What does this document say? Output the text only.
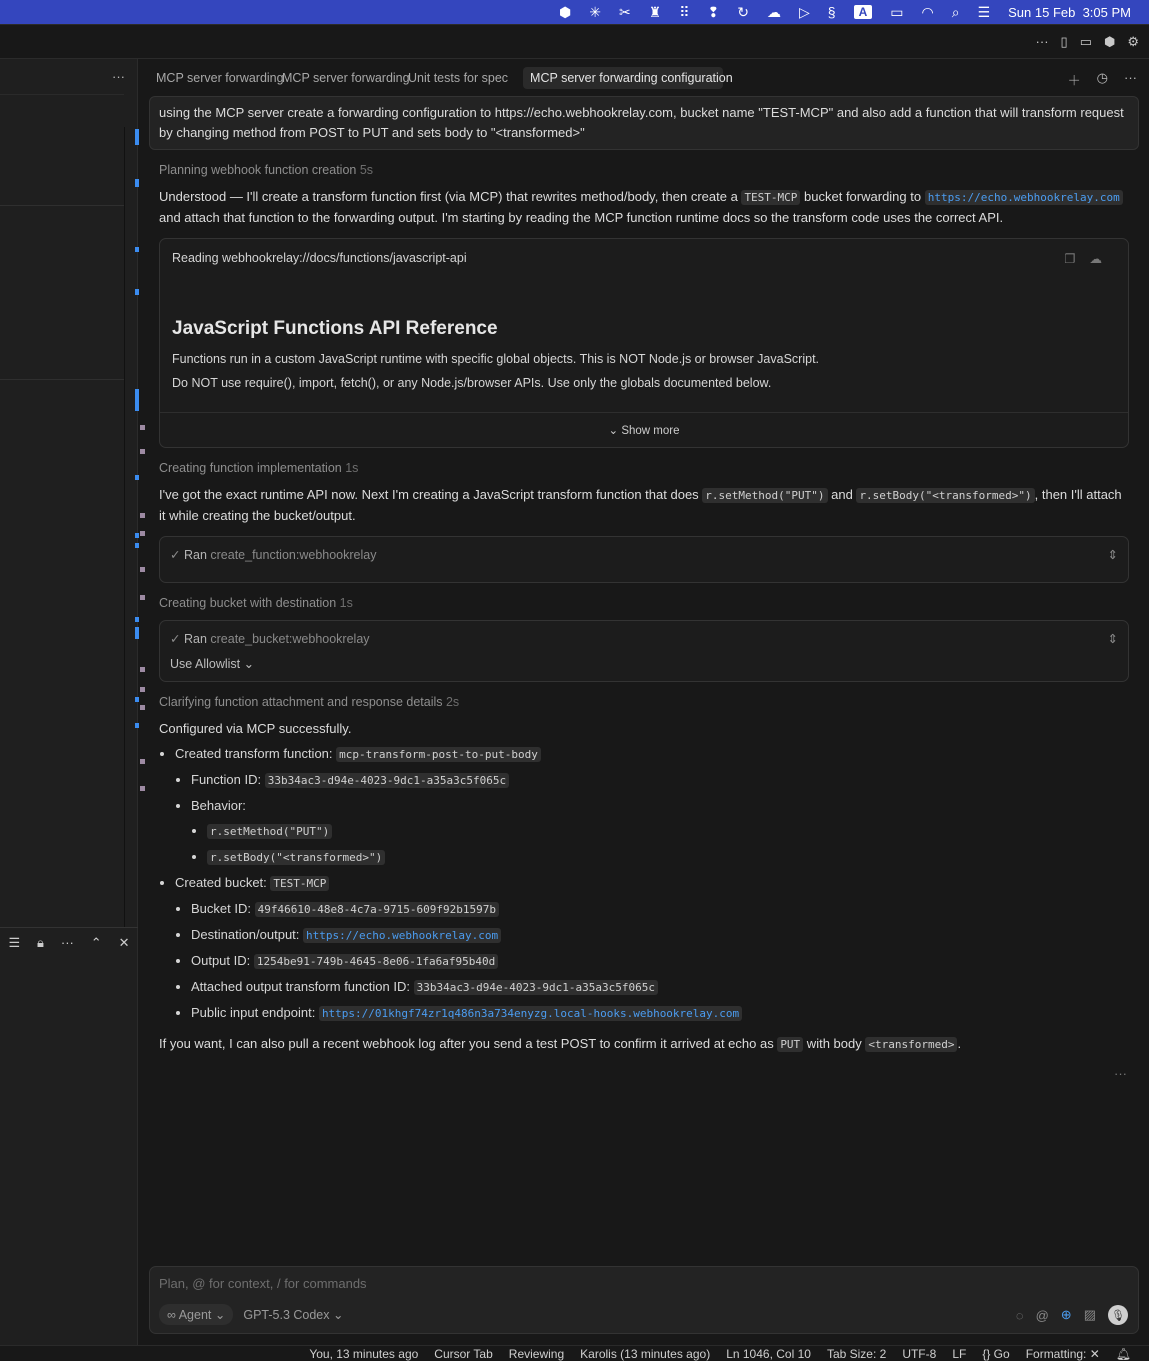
⬢ ✳ ✂ ♜ ⠿ ❢ ↻ ☁ ▷ §	A	▭ ◠ ⌕ ☰ Sun 15 Feb 3:05 PM
··· ▯ ▭ ⬢ ⚙
···
☰ 🔒︎ ··· ⌃ ✕
MCP server forwarding
MCP server forwarding
Unit tests for spec	MCP server forwarding configuration	＋ ◷ ···
using the MCP server create a forwarding configuration to https://echo.webhookrelay.com, bucket name "TEST-MCP" and also add a function that will transform request by changing method from POST to PUT and sets body to "<transformed>"
Planning webhook function creation 5s
Understood — I'll create a transform function first (via MCP) that rewrites method/body, then create a TEST-MCP bucket forwarding to https://echo.webhookrelay.com and attach that function to the forwarding output. I'm starting by reading the MCP function runtime docs so the transform code uses the correct API.
Reading webhookrelay://docs/functions/javascript-api	❐☁
JavaScript Functions API Reference
Functions run in a custom JavaScript runtime with specific global objects. This is NOT Node.js or browser JavaScript.
Do NOT use require(), import, fetch(), or any Node.js/browser APIs. Use only the globals documented below.
⌄ Show more
Creating function implementation 1s
I've got the exact runtime API now. Next I'm creating a JavaScript transform function that does r.setMethod("PUT") and r.setBody("<transformed>") , then I'll attach it while creating the bucket/output.
✓ Ran create_function:webhookrelay	⇕
Creating bucket with destination 1s
✓ Ran create_bucket:webhookrelay	⇕
Use Allowlist ⌄
Clarifying function attachment and response details 2s
Configured via MCP successfully.
• Created transform function: mcp-transform-post-to-put-body
• Function ID: 33b34ac3-d94e-4023-9dc1-a35a3c5f065c
• Behavior:
• r.setMethod("PUT")
• r.setBody("<transformed>")
• Created bucket: TEST-MCP
• Bucket ID: 49f46610-48e8-4c7a-9715-609f92b1597b
• Destination/output: https://echo.webhookrelay.com
• Output ID: 1254be91-749b-4645-8e06-1fa6af95b40d
• Attached output transform function ID: 33b34ac3-d94e-4023-9dc1-a35a3c5f065c
• Public input endpoint: https://01khgf74zr1q486n3a734enyzg.local-hooks.webhookrelay.com
If you want, I can also pull a recent webhook log after you send a test POST to confirm it arrived at echo as PUT with body <transformed> .
···
Plan, @ for context, / for commands
∞ Agent ⌄	GPT-5.3 Codex ⌄	◌ @ ⊕ ▨ 🎙︎
You, 13 minutes ago Cursor Tab Reviewing Karolis (13 minutes ago) Ln 1046, Col 10 Tab Size: 2 UTF-8 LF {} Go Formatting: ✕ 🔔︎
